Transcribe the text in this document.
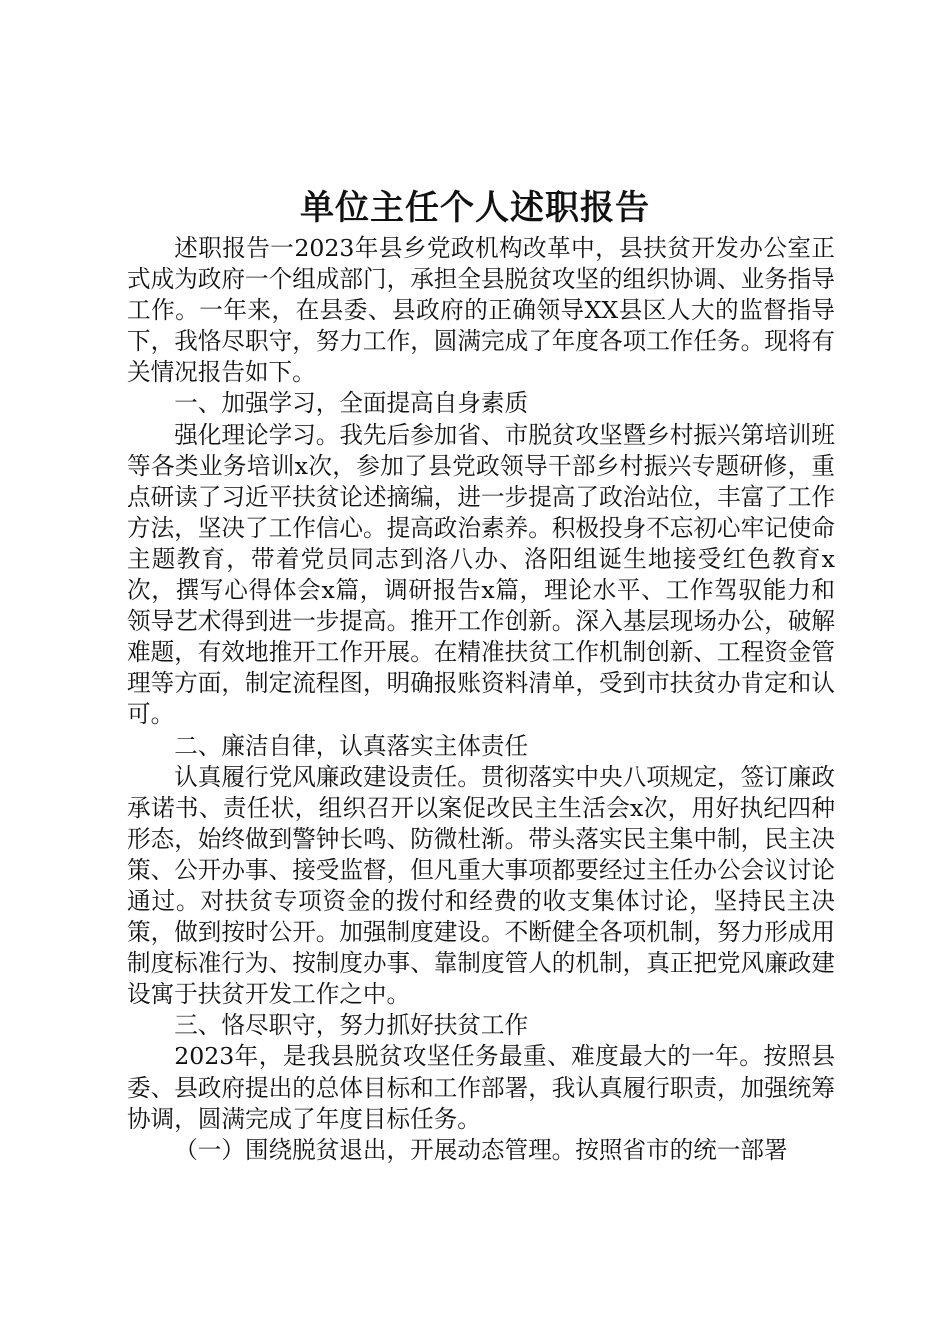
单位主任个人述职报告

述职报告一2023年县乡党政机构改革中，县扶贫开发办公室正式成为政府一个组成部门，承担全县脱贫攻坚的组织协调、业务指导工作。一年来，在县委、县政府的正确领导XX县区人大的监督指导下，我恪尽职守，努力工作，圆满完成了年度各项工作任务。现将有关情况报告如下。

一、加强学习，全面提高自身素质

强化理论学习。我先后参加省、市脱贫攻坚暨乡村振兴第培训班等各类业务培训x次，参加了县党政领导干部乡村振兴专题研修，重点研读了习近平扶贫论述摘编，进一步提高了政治站位，丰富了工作方法，坚决了工作信心。提高政治素养。积极投身不忘初心牢记使命主题教育，带着党员同志到洛八办、洛阳组诞生地接受红色教育x次，撰写心得体会x篇，调研报告x篇，理论水平、工作驾驭能力和领导艺术得到进一步提高。推开工作创新。深入基层现场办公，破解难题，有效地推开工作开展。在精准扶贫工作机制创新、工程资金管理等方面，制定流程图，明确报账资料清单，受到市扶贫办肯定和认可。

二、廉洁自律，认真落实主体责任

认真履行党风廉政建设责任。贯彻落实中央八项规定，签订廉政承诺书、责任状，组织召开以案促改民主生活会x次，用好执纪四种形态，始终做到警钟长鸣、防微杜渐。带头落实民主集中制，民主决策、公开办事、接受监督，但凡重大事项都要经过主任办公会议讨论通过。对扶贫专项资金的拨付和经费的收支集体讨论，坚持民主决策，做到按时公开。加强制度建设。不断健全各项机制，努力形成用制度标准行为、按制度办事、靠制度管人的机制，真正把党风廉政建设寓于扶贫开发工作之中。

三、恪尽职守，努力抓好扶贫工作

2023年，是我县脱贫攻坚任务最重、难度最大的一年。按照县委、县政府提出的总体目标和工作部署，我认真履行职责，加强统筹协调，圆满完成了年度目标任务。

（一）围绕脱贫退出，开展动态管理。按照省市的统一部署
